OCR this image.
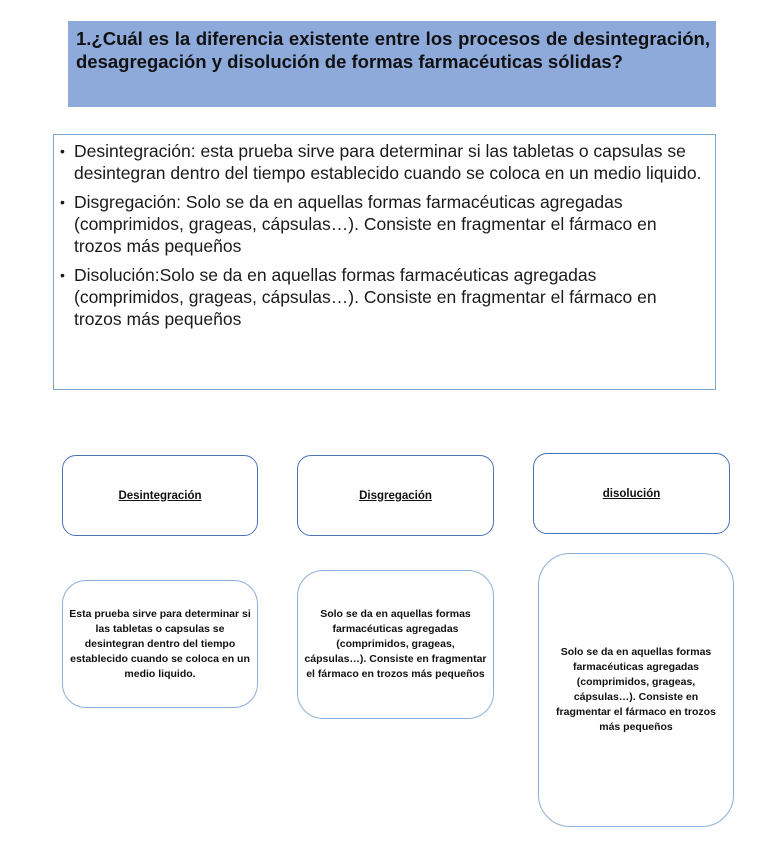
1.¿Cuál es la diferencia existente entre los procesos de desintegración, desagregación y disolución de formas farmacéuticas sólidas?

• Desintegración: esta prueba sirve para determinar si las tabletas o capsulas se desintegran dentro del tiempo establecido cuando se coloca en un medio liquido.
• Disgregación: Solo se da en aquellas formas farmacéuticas agregadas (comprimidos, grageas, cápsulas…). Consiste en fragmentar el fármaco en trozos más pequeños
• Disolución:Solo se da en aquellas formas farmacéuticas agregadas (comprimidos, grageas, cápsulas…). Consiste en fragmentar el fármaco en trozos más pequeños
Desintegración	Disgregación	disolución
Esta prueba sirve para determinar si las tabletas o capsulas se desintegran dentro del tiempo establecido cuando se coloca en un medio liquido.
Solo se da en aquellas formas farmacéuticas agregadas (comprimidos, grageas, cápsulas…). Consiste en fragmentar el fármaco en trozos más pequeños
Solo se da en aquellas formas farmacéuticas agregadas (comprimidos, grageas, cápsulas…). Consiste en fragmentar el fármaco en trozos más pequeños
